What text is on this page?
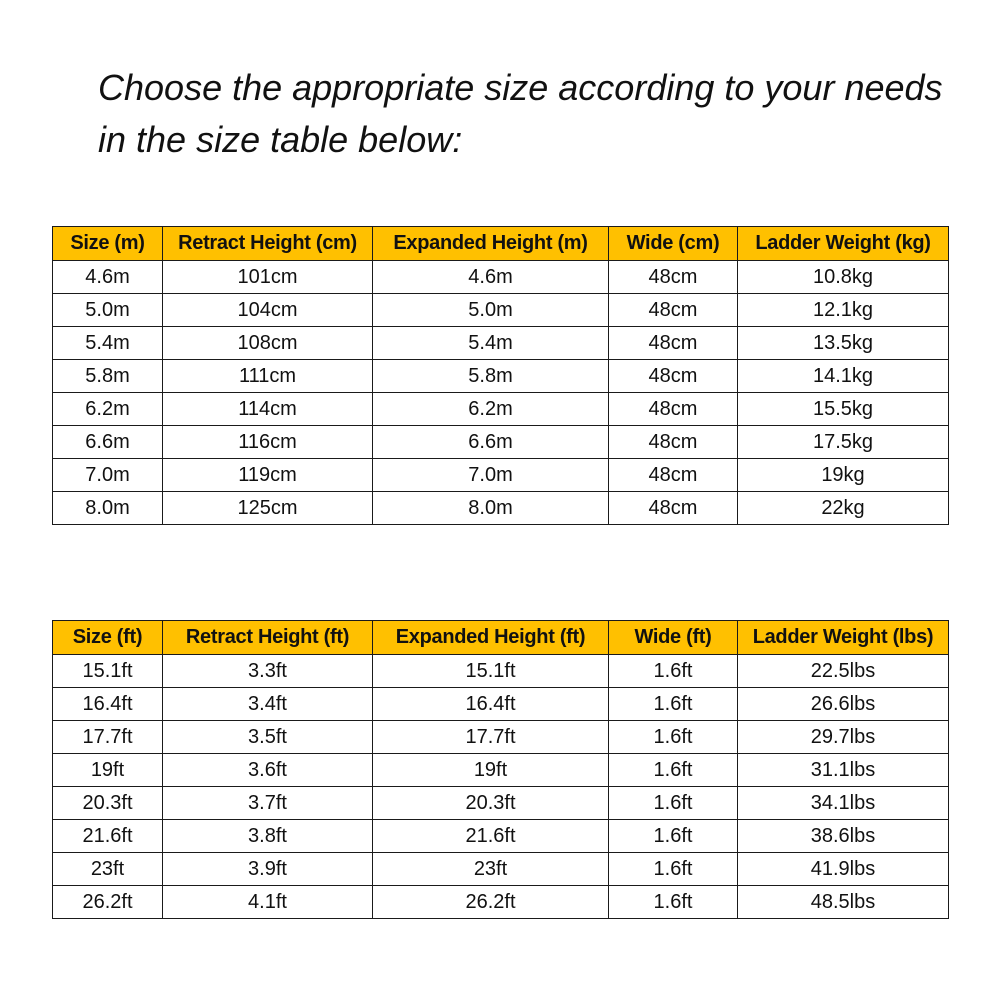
Choose the appropriate size according to your needs in the size table below:

Size (m)	Retract Height (cm)	Expanded Height (m)	Wide (cm)	Ladder Weight (kg)
4.6m	101cm	4.6m	48cm	10.8kg
5.0m	104cm	5.0m	48cm	12.1kg
5.4m	108cm	5.4m	48cm	13.5kg
5.8m	111cm	5.8m	48cm	14.1kg
6.2m	114cm	6.2m	48cm	15.5kg
6.6m	116cm	6.6m	48cm	17.5kg
7.0m	119cm	7.0m	48cm	19kg
8.0m	125cm	8.0m	48cm	22kg
Size (ft)	Retract Height (ft)	Expanded Height (ft)	Wide (ft)	Ladder Weight (lbs)
15.1ft	3.3ft	15.1ft	1.6ft	22.5lbs
16.4ft	3.4ft	16.4ft	1.6ft	26.6lbs
17.7ft	3.5ft	17.7ft	1.6ft	29.7lbs
19ft	3.6ft	19ft	1.6ft	31.1lbs
20.3ft	3.7ft	20.3ft	1.6ft	34.1lbs
21.6ft	3.8ft	21.6ft	1.6ft	38.6lbs
23ft	3.9ft	23ft	1.6ft	41.9lbs
26.2ft	4.1ft	26.2ft	1.6ft	48.5lbs
